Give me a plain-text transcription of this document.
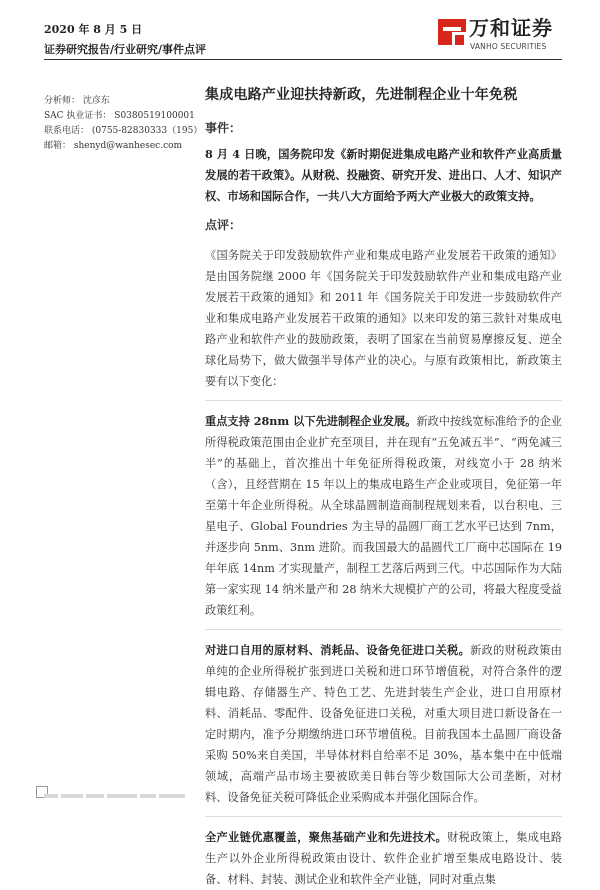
2020 年 8 月 5 日
证券研究报告/行业研究/事件点评
万和证券
VANHO SECURITIES
分析师： 沈彦东
SAC 执业证书： S0380519100001
联系电话： (0755-82830333（195）
邮箱： shenyd@wanhesec.com
集成电路产业迎扶持新政，先进制程企业十年免税
事件：

8 月 4 日晚，国务院印发《新时期促进集成电路产业和软件产业高质量发展的若干政策》。从财税、投融资、研究开发、进出口、人才、知识产权、市场和国际合作，一共八大方面给予两大产业极大的政策支持。

点评：

《国务院关于印发鼓励软件产业和集成电路产业发展若干政策的通知》是由国务院继 2000 年《国务院关于印发鼓励软件产业和集成电路产业发展若干政策的通知》和 2011 年《国务院关于印发进一步鼓励软件产业和集成电路产业发展若干政策的通知》以来印发的第三款针对集成电路产业和软件产业的鼓励政策，表明了国家在当前贸易摩擦反复、逆全球化局势下，做大做强半导体产业的决心。与原有政策相比，新政策主要有以下变化：

重点支持 28nm 以下先进制程企业发展。新政中按线宽标准给予的企业所得税政策范围由企业扩充至项目，并在现有“五免减五半”、“两免减三半”的基础上，首次推出十年免征所得税政策，对线宽小于 28 纳米（含），且经营期在 15 年以上的集成电路生产企业或项目，免征第一年至第十年企业所得税。从全球晶圆制造商制程规划来看，以台积电、三星电子、Global Foundries 为主导的晶圆厂商工艺水平已达到 7nm，并逐步向 5nm、3nm 进阶。而我国最大的晶圆代工厂商中芯国际在 19 年年底 14nm 才实现量产，制程工艺落后两到三代。中芯国际作为大陆第一家实现 14 纳米量产和 28 纳米大规模扩产的公司，将最大程度受益政策红利。

对进口自用的原材料、消耗品、设备免征进口关税。新政的财税政策由单纯的企业所得税扩张到进口关税和进口环节增值税，对符合条件的逻辑电路、存储器生产、特色工艺、先进封装生产企业，进口自用原材料、消耗品、零配件、设备免征进口关税，对重大项目进口新设备在一定时期内，准予分期缴纳进口环节增值税。目前我国本土晶圆厂商设备采购 50%来自美国，半导体材料自给率不足 30%，基本集中在中低端领域，高端产品市场主要被欧美日韩台等少数国际大公司垄断，对材料、设备免征关税可降低企业采购成本并强化国际合作。

全产业链优惠覆盖，聚焦基础产业和先进技术。财税政策上，集成电路生产以外企业所得税政策由设计、软件企业扩增至集成电路设计、装备、材料、封装、测试企业和软件全产业链，同时对重点集
